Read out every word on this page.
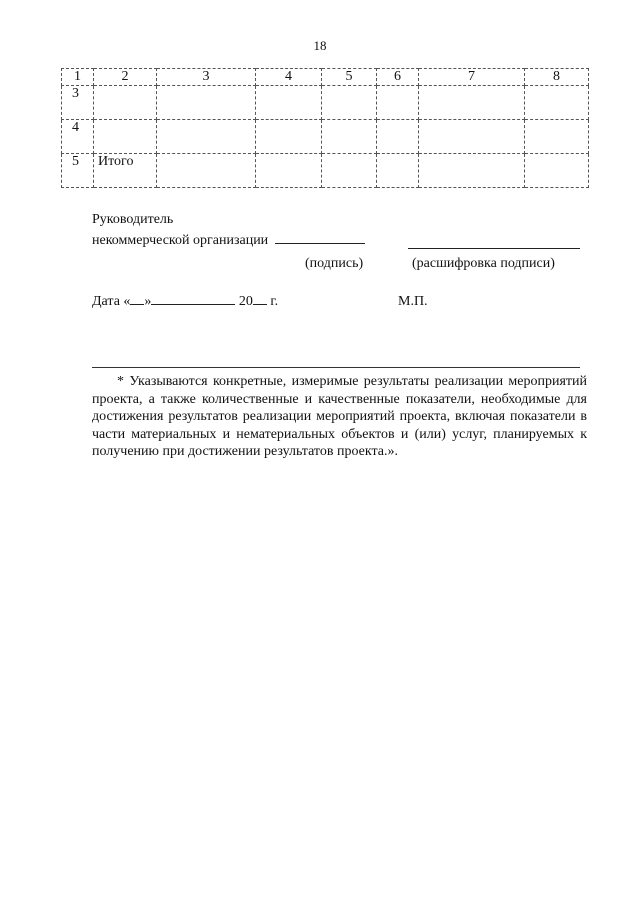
18
1	2	3	4	5	6	7	8
3							
4							
5	Итого						
Руководитель
некоммерческой организации
(подпись)	(расшифровка подписи)
Дата « »	20 г.	М.П.
* Указываются конкретные, измеримые результаты реализации мероприятий проекта, а также количественные и качественные показатели, необходимые для достижения результатов реализации мероприятий проекта, включая показатели в части материальных и нематериальных объектов и (или) услуг, планируемых к получению при достижении результатов проекта.».
